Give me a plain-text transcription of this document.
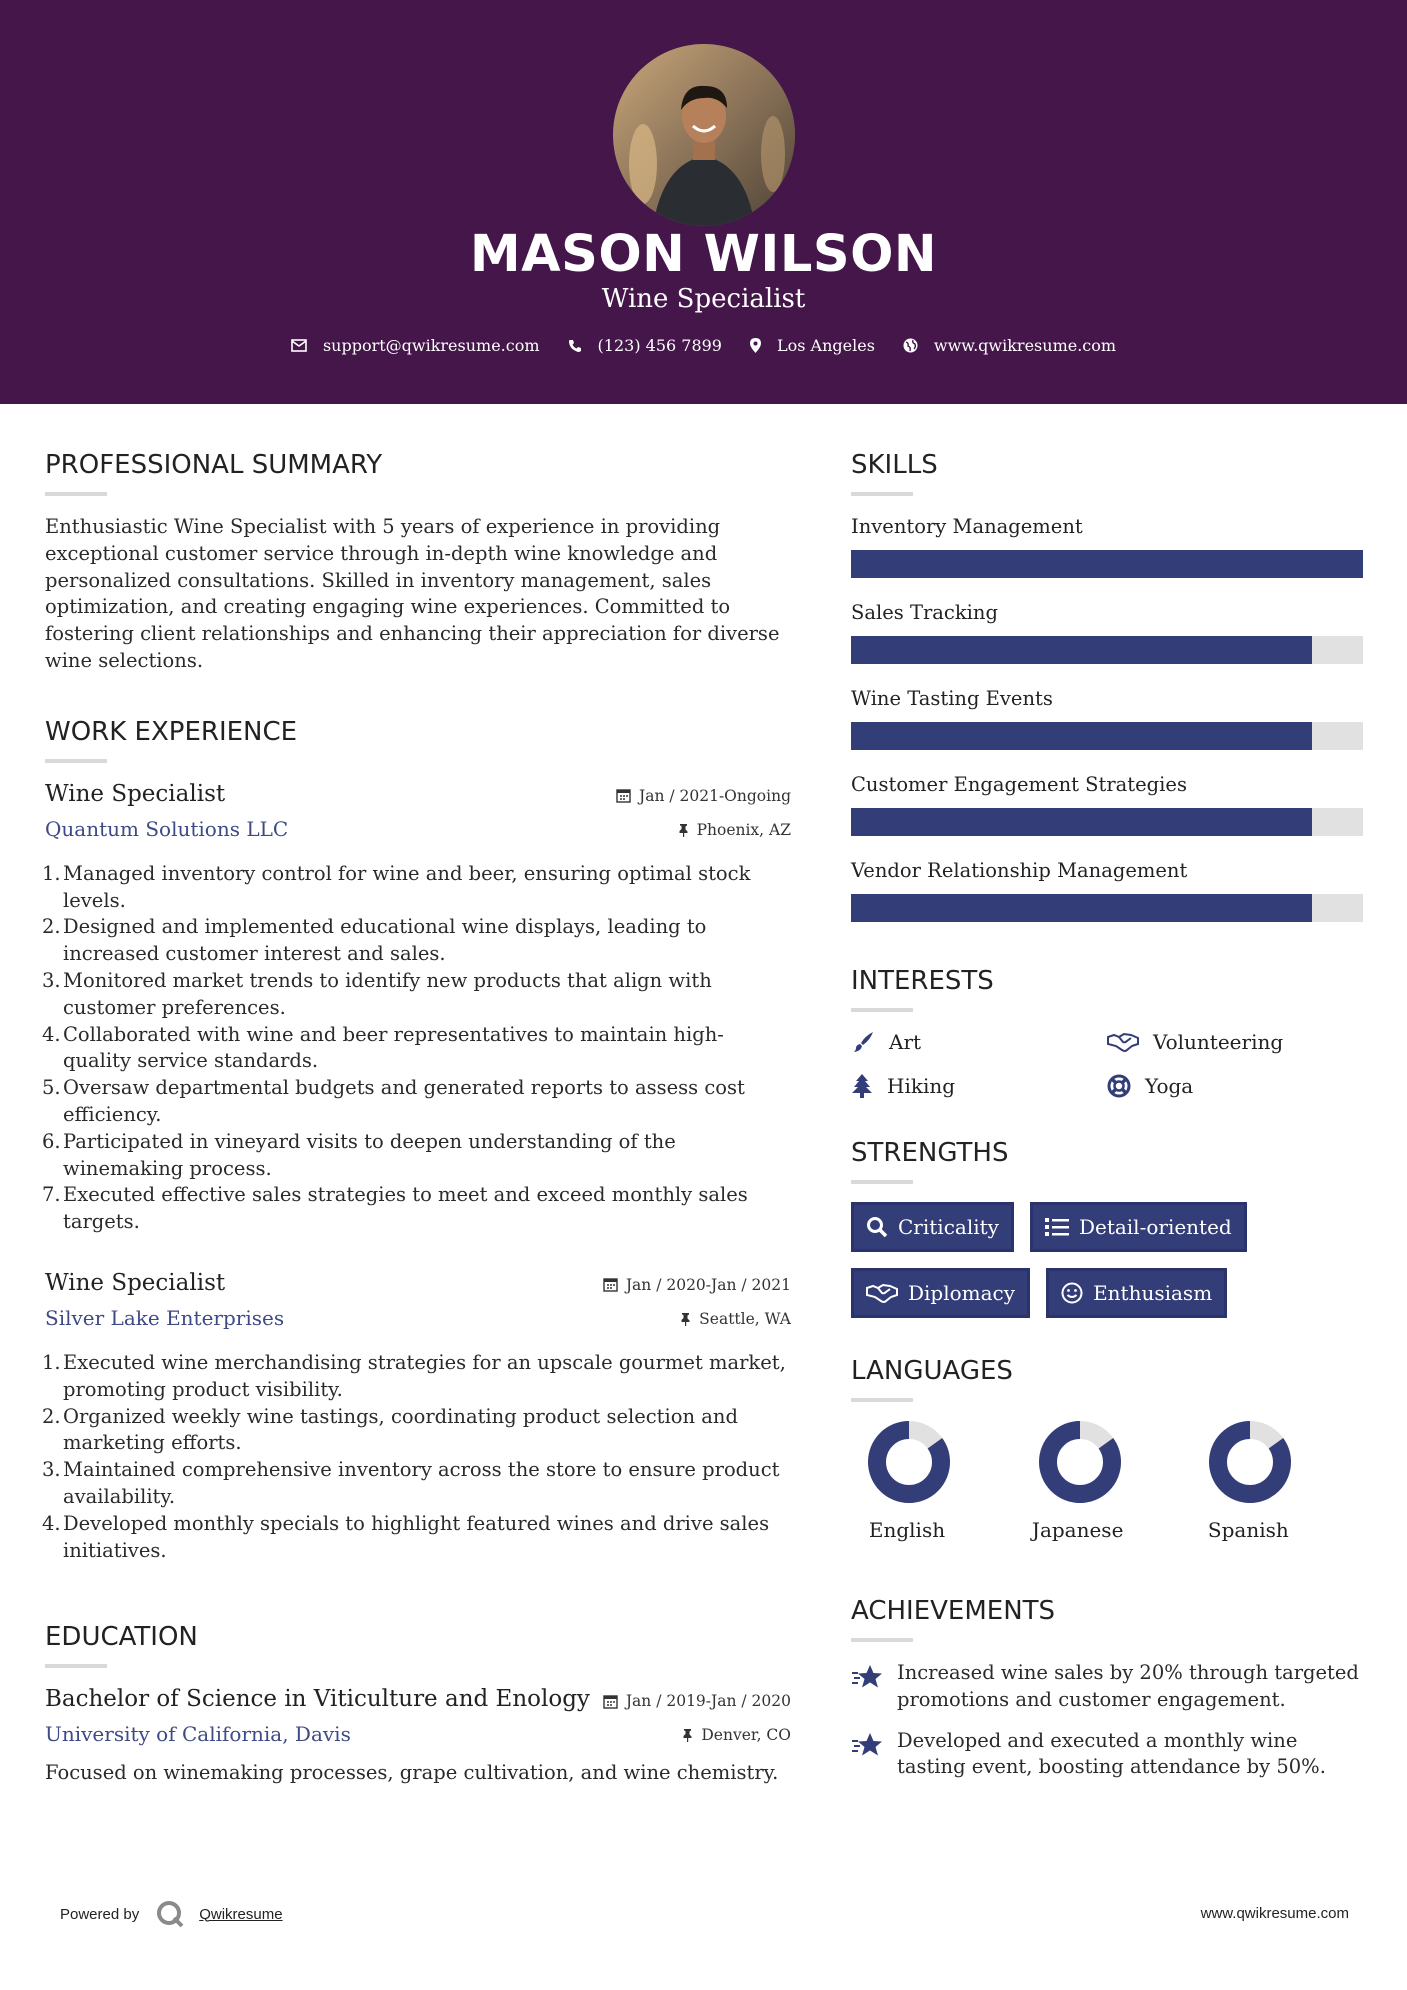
MASON WILSON
Wine Specialist
support@qwikresume.com	(123) 456 7899	Los Angeles	www.qwikresume.com
PROFESSIONAL SUMMARY
Enthusiastic Wine Specialist with 5 years of experience in providing exceptional customer service through in-depth wine knowledge and personalized consultations. Skilled in inventory management, sales optimization, and creating engaging wine experiences. Committed to fostering client relationships and enhancing their appreciation for diverse wine selections.
WORK EXPERIENCE
Wine Specialist
Quantum Solutions LLC
Jan / 2021-Ongoing
Phoenix, AZ
Managed inventory control for wine and beer, ensuring optimal stock levels.
Designed and implemented educational wine displays, leading to increased customer interest and sales.
Monitored market trends to identify new products that align with customer preferences.
Collaborated with wine and beer representatives to maintain high-quality service standards.
Oversaw departmental budgets and generated reports to assess cost efficiency.
Participated in vineyard visits to deepen understanding of the winemaking process.
Executed effective sales strategies to meet and exceed monthly sales targets.
Wine Specialist
Silver Lake Enterprises
Jan / 2020-Jan / 2021
Seattle, WA
Executed wine merchandising strategies for an upscale gourmet market, promoting product visibility.
Organized weekly wine tastings, coordinating product selection and marketing efforts.
Maintained comprehensive inventory across the store to ensure product availability.
Developed monthly specials to highlight featured wines and drive sales initiatives.
EDUCATION
Bachelor of Science in Viticulture and Enology
University of California, Davis
Jan / 2019-Jan / 2020
Denver, CO
Focused on winemaking processes, grape cultivation, and wine chemistry.
SKILLS
Inventory Management
Sales Tracking
Wine Tasting Events
Customer Engagement Strategies
Vendor Relationship Management
INTERESTS
Art	Volunteering
Hiking	Yoga
STRENGTHS
Criticality	Detail-oriented
Diplomacy	Enthusiasm
LANGUAGES
English	Japanese	Spanish
ACHIEVEMENTS
Increased wine sales by 20% through targeted promotions and customer engagement.
Developed and executed a monthly wine tasting event, boosting attendance by 50%.
Powered by	Qwikresume	www.qwikresume.com
